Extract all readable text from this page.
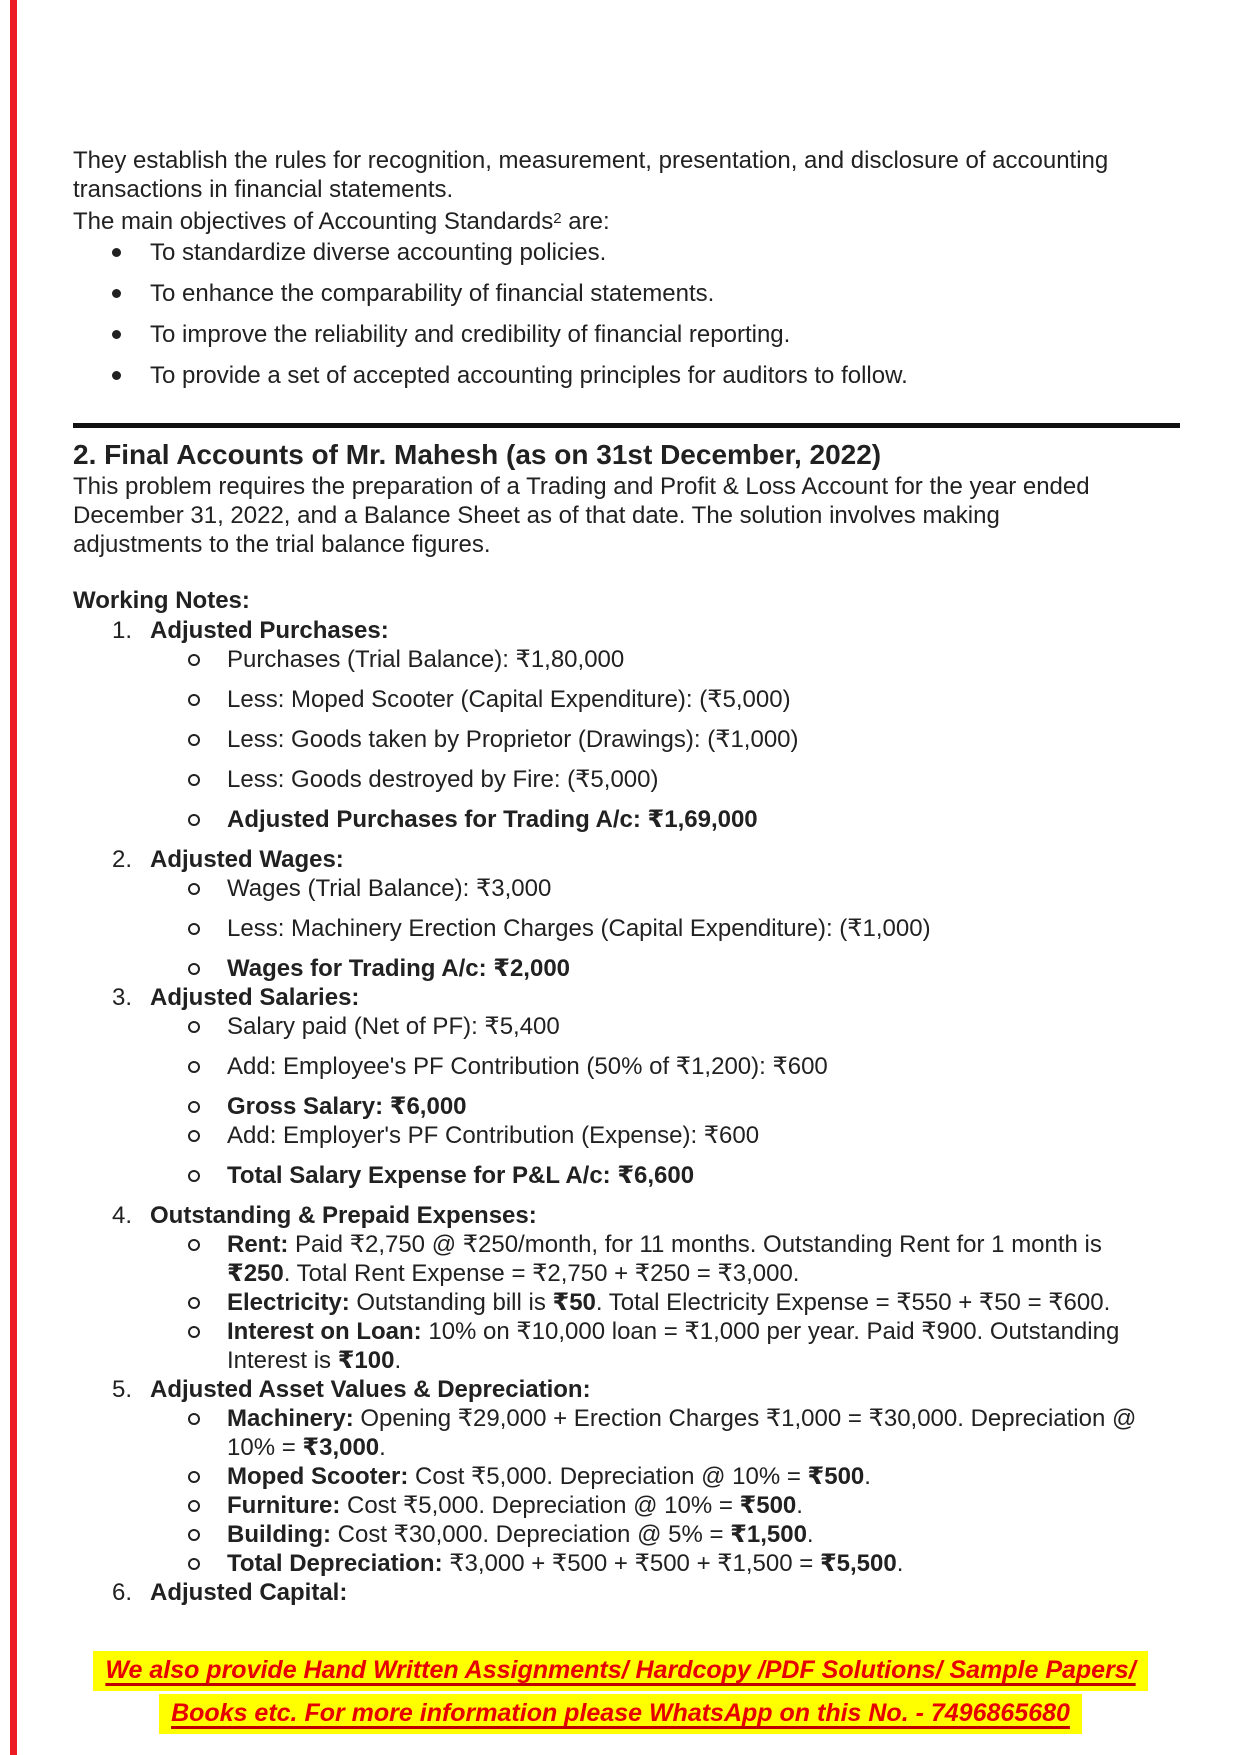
They establish the rules for recognition, measurement, presentation, and disclosure of accounting
transactions in financial statements.
The main objectives of Accounting Standards$^2$ are:
To standardize diverse accounting policies.
To enhance the comparability of financial statements.
To improve the reliability and credibility of financial reporting.
To provide a set of accepted accounting principles for auditors to follow.
2. Final Accounts of Mr. Mahesh (as on 31st December, 2022)
This problem requires the preparation of a Trading and Profit & Loss Account for the year ended
December 31, 2022, and a Balance Sheet as of that date. The solution involves making
adjustments to the trial balance figures.
Working Notes:
1. Adjusted Purchases:
Purchases (Trial Balance): ₹1,80,000
Less: Moped Scooter (Capital Expenditure): (₹5,000)
Less: Goods taken by Proprietor (Drawings): (₹1,000)
Less: Goods destroyed by Fire: (₹5,000)
Adjusted Purchases for Trading A/c: ₹1,69,000
2. Adjusted Wages:
Wages (Trial Balance): ₹3,000
Less: Machinery Erection Charges (Capital Expenditure): (₹1,000)
Wages for Trading A/c: ₹2,000
3. Adjusted Salaries:
Salary paid (Net of PF): ₹5,400
Add: Employee's PF Contribution (50% of ₹1,200): ₹600
Gross Salary: ₹6,000
Add: Employer's PF Contribution (Expense): ₹600
Total Salary Expense for P&L A/c: ₹6,600
4. Outstanding & Prepaid Expenses:
Rent: Paid ₹2,750 @ ₹250/month, for 11 months. Outstanding Rent for 1 month is
₹250. Total Rent Expense = ₹2,750 + ₹250 = ₹3,000.
Electricity: Outstanding bill is ₹50. Total Electricity Expense = ₹550 + ₹50 = ₹600.
Interest on Loan: 10% on ₹10,000 loan = ₹1,000 per year. Paid ₹900. Outstanding
Interest is ₹100.
5. Adjusted Asset Values & Depreciation:
Machinery: Opening ₹29,000 + Erection Charges ₹1,000 = ₹30,000. Depreciation @
10% = ₹3,000.
Moped Scooter: Cost ₹5,000. Depreciation @ 10% = ₹500.
Furniture: Cost ₹5,000. Depreciation @ 10% = ₹500.
Building: Cost ₹30,000. Depreciation @ 5% = ₹1,500.
Total Depreciation: ₹3,000 + ₹500 + ₹500 + ₹1,500 = ₹5,500.
6. Adjusted Capital:
We also provide Hand Written Assignments/ Hardcopy /PDF Solutions/ Sample Papers/
Books etc. For more information please WhatsApp on this No. - 7496865680
